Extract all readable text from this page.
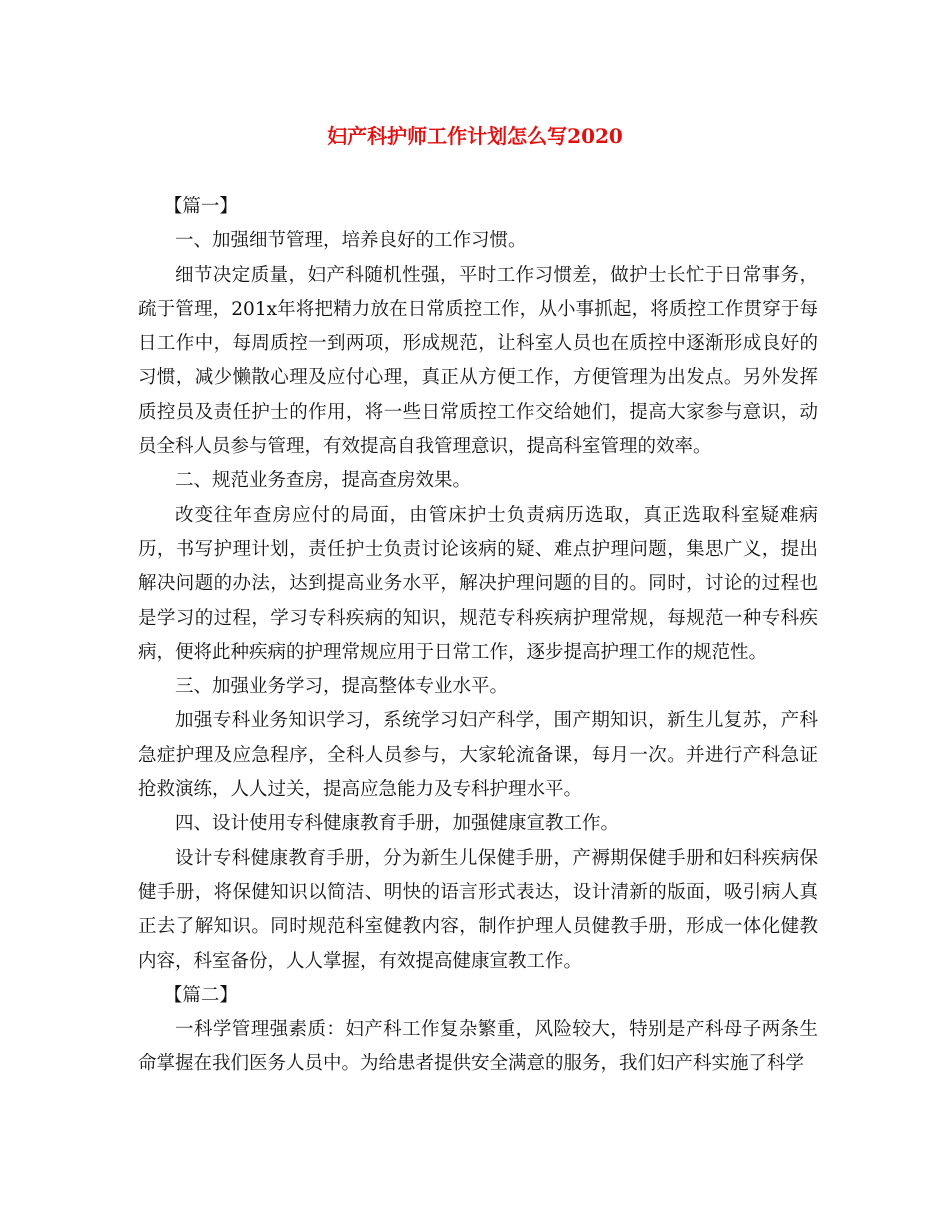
妇产科护师工作计划怎么写2020

【篇一】

一、加强细节管理，培养良好的工作习惯。

细节决定质量，妇产科随机性强，平时工作习惯差，做护士长忙于日常事务，疏于管理，201x年将把精力放在日常质控工作，从小事抓起，将质控工作贯穿于每日工作中，每周质控一到两项，形成规范，让科室人员也在质控中逐渐形成良好的习惯，减少懒散心理及应付心理，真正从方便工作，方便管理为出发点。另外发挥质控员及责任护士的作用，将一些日常质控工作交给她们，提高大家参与意识，动员全科人员参与管理，有效提高自我管理意识，提高科室管理的效率。

二、规范业务查房，提高查房效果。

改变往年查房应付的局面，由管床护士负责病历选取，真正选取科室疑难病历，书写护理计划，责任护士负责讨论该病的疑、难点护理问题，集思广义，提出解决问题的办法，达到提高业务水平，解决护理问题的目的。同时，讨论的过程也是学习的过程，学习专科疾病的知识，规范专科疾病护理常规，每规范一种专科疾病，便将此种疾病的护理常规应用于日常工作，逐步提高护理工作的规范性。

三、加强业务学习，提高整体专业水平。

加强专科业务知识学习，系统学习妇产科学，围产期知识，新生儿复苏，产科急症护理及应急程序，全科人员参与，大家轮流备课，每月一次。并进行产科急证抢救演练，人人过关，提高应急能力及专科护理水平。

四、设计使用专科健康教育手册，加强健康宣教工作。

设计专科健康教育手册，分为新生儿保健手册，产褥期保健手册和妇科疾病保健手册，将保健知识以简洁、明快的语言形式表达，设计清新的版面，吸引病人真正去了解知识。同时规范科室健教内容，制作护理人员健教手册，形成一体化健教内容，科室备份，人人掌握，有效提高健康宣教工作。

【篇二】

一科学管理强素质：妇产科工作复杂繁重，风险较大，特别是产科母子两条生命掌握在我们医务人员中。为给患者提供安全满意的服务，我们妇产科实施了科学
